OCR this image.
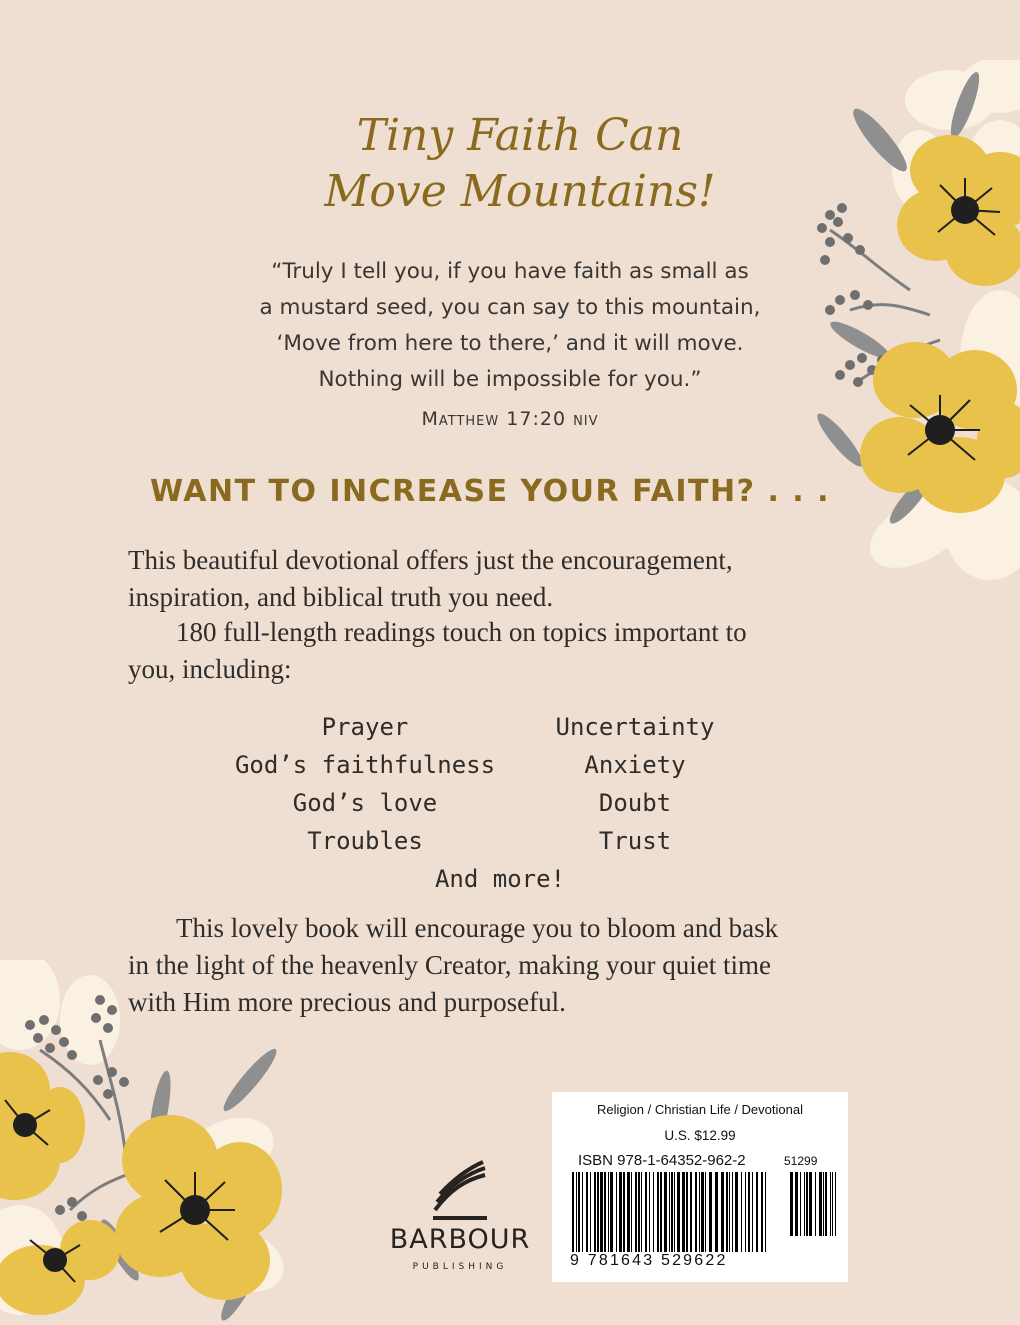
Tiny Faith Can
Move Mountains!
“Truly I tell you, if you have faith as small as
a mustard seed, you can say to this mountain,
‘Move from here to there,’ and it will move.
Nothing will be impossible for you.”
Matthew 17:20 niv
WANT TO INCREASE YOUR FAITH? . . .
This beautiful devotional offers just the encouragement,
inspiration, and biblical truth you need.
180 full-length readings touch on topics important to
you, including:
Prayer	Uncertainty
God’s faithfulness	Anxiety
God’s love	Doubt
Troubles	Trust
And more!
This lovely book will encourage you to bloom and bask
in the light of the heavenly Creator, making your quiet time
with Him more precious and purposeful.
BARBOUR
PUBLISHING
Religion / Christian Life / Devotional
U.S. $12.99
ISBN 978-1-64352-962-2	51299
9 781643 529622
